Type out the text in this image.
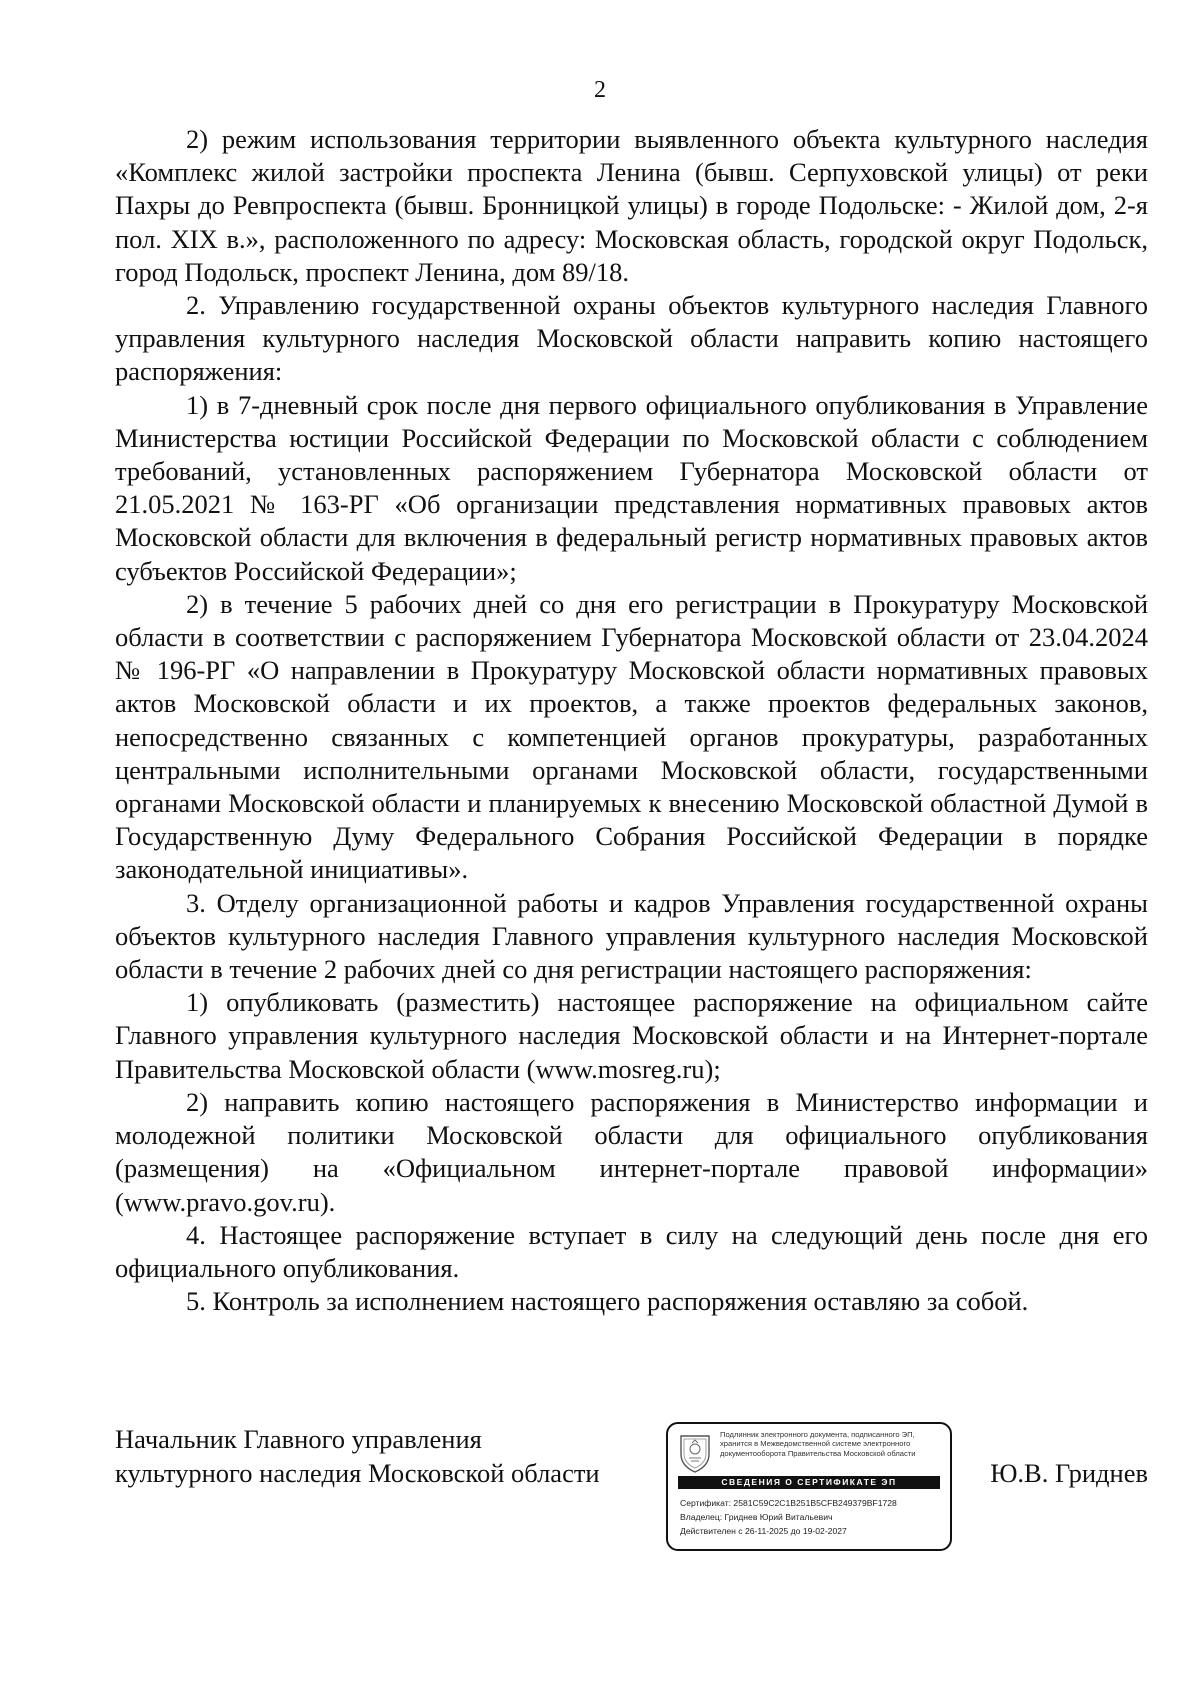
2

2) режим использования территории выявленного объекта культурного наследия «Комплекс жилой застройки проспекта Ленина (бывш. Серпуховской улицы) от реки Пахры до Ревпроспекта (бывш. Бронницкой улицы) в городе Подольске: - Жилой дом, 2-я пол. XIX в.», расположенного по адресу: Московская область, городской округ Подольск, город Подольск, проспект Ленина, дом 89/18.

2. Управлению государственной охраны объектов культурного наследия Главного управления культурного наследия Московской области направить копию настоящего распоряжения:

1) в 7-дневный срок после дня первого официального опубликования в Управление Министерства юстиции Российской Федерации по Московской области с соблюдением требований, установленных распоряжением Губернатора Московской области от 21.05.2021 № 163-РГ «Об организации представления нормативных правовых актов Московской области для включения в федеральный регистр нормативных правовых актов субъектов Российской Федерации»;

2) в течение 5 рабочих дней со дня его регистрации в Прокуратуру Московской области в соответствии с распоряжением Губернатора Московской области от 23.04.2024 № 196-РГ «О направлении в Прокуратуру Московской области нормативных правовых актов Московской области и их проектов, а также проектов федеральных законов, непосредственно связанных с компетенцией органов прокуратуры, разработанных центральными исполнительными органами Московской области, государственными органами Московской области и планируемых к внесению Московской областной Думой в Государственную Думу Федерального Собрания Российской Федерации в порядке законодательной инициативы».

3. Отделу организационной работы и кадров Управления государственной охраны объектов культурного наследия Главного управления культурного наследия Московской области в течение 2 рабочих дней со дня регистрации настоящего распоряжения:

1) опубликовать (разместить) настоящее распоряжение на официальном сайте Главного управления культурного наследия Московской области и на Интернет-портале Правительства Московской области (www.mosreg.ru);

2) направить копию настоящего распоряжения в Министерство информации и молодежной политики Московской области для официального опубликования (размещения) на «Официальном интернет-портале правовой информации» (www.pravo.gov.ru).

4. Настоящее распоряжение вступает в силу на следующий день после дня его официального опубликования.

5. Контроль за исполнением настоящего распоряжения оставляю за собой.

Начальник Главного управления
культурного наследия Московской области
Подлинник электронного документа, подписанного ЭП,
хранится в Межведомственной системе электронного
документооборота Правительства Московской области
СВЕДЕНИЯ О СЕРТИФИКАТЕ ЭП
Сертификат: 2581C59C2C1B251B5CFB249379BF1728
Владелец: Гриднев Юрий Витальевич
Действителен с 26-11-2025 до 19-02-2027
Ю.В. Гриднев
